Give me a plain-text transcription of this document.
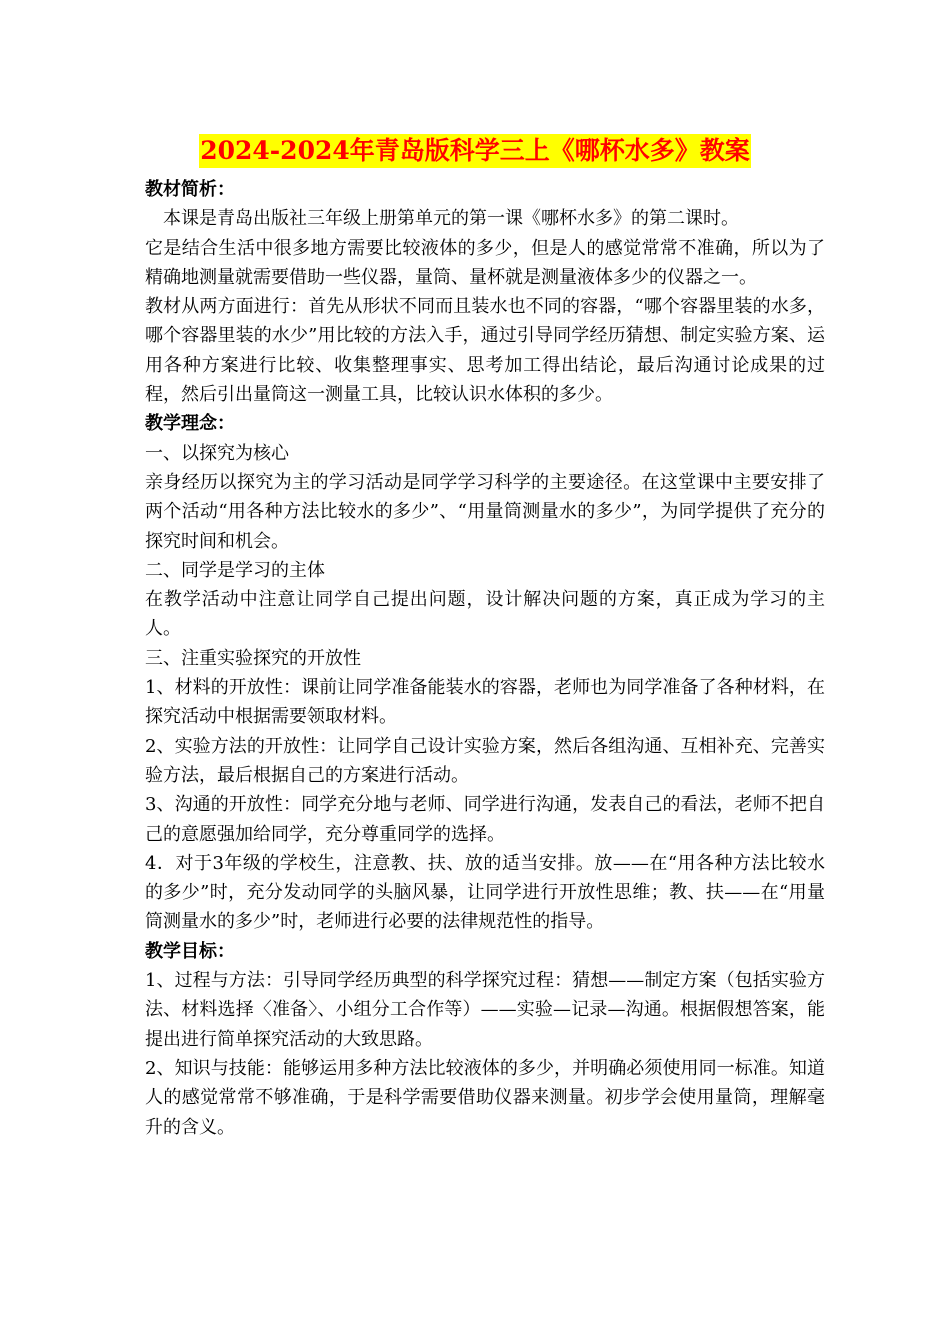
2024-2024年青岛版科学三上《哪杯水多》教案

教材简析：

本课是青岛出版社三年级上册第单元的第一课《哪杯水多》的第二课时。

它是结合生活中很多地方需要比较液体的多少，但是人的感觉常常不准确，所以为了精确地测量就需要借助一些仪器，量筒、量杯就是测量液体多少的仪器之一。

教材从两方面进行：首先从形状不同而且装水也不同的容器，“哪个容器里装的水多，哪个容器里装的水少”用比较的方法入手，通过引导同学经历猜想、制定实验方案、运用各种方案进行比较、收集整理事实、思考加工得出结论，最后沟通讨论成果的过程，然后引出量筒这一测量工具，比较认识水体积的多少。

教学理念：

一、以探究为核心

亲身经历以探究为主的学习活动是同学学习科学的主要途径。在这堂课中主要安排了两个活动“用各种方法比较水的多少”、“用量筒测量水的多少”，为同学提供了充分的探究时间和机会。

二、同学是学习的主体

在教学活动中注意让同学自己提出问题，设计解决问题的方案，真正成为学习的主人。

三、注重实验探究的开放性

1、材料的开放性：课前让同学准备能装水的容器，老师也为同学准备了各种材料，在探究活动中根据需要领取材料。

2、实验方法的开放性：让同学自己设计实验方案，然后各组沟通、互相补充、完善实验方法，最后根据自己的方案进行活动。

3、沟通的开放性：同学充分地与老师、同学进行沟通，发表自己的看法，老师不把自己的意愿强加给同学，充分尊重同学的选择。

4．对于3年级的学校生，注意教、扶、放的适当安排。放——在“用各种方法比较水的多少”时，充分发动同学的头脑风暴，让同学进行开放性思维；教、扶——在“用量筒测量水的多少”时，老师进行必要的法律规范性的指导。

教学目标：

1、过程与方法：引导同学经历典型的科学探究过程：猜想——制定方案（包括实验方法、材料选择〈准备〉、小组分工合作等）——实验—记录—沟通。根据假想答案，能提出进行简单探究活动的大致思路。

2、知识与技能：能够运用多种方法比较液体的多少，并明确必须使用同一标准。知道人的感觉常常不够准确，于是科学需要借助仪器来测量。初步学会使用量筒，理解毫升的含义。
